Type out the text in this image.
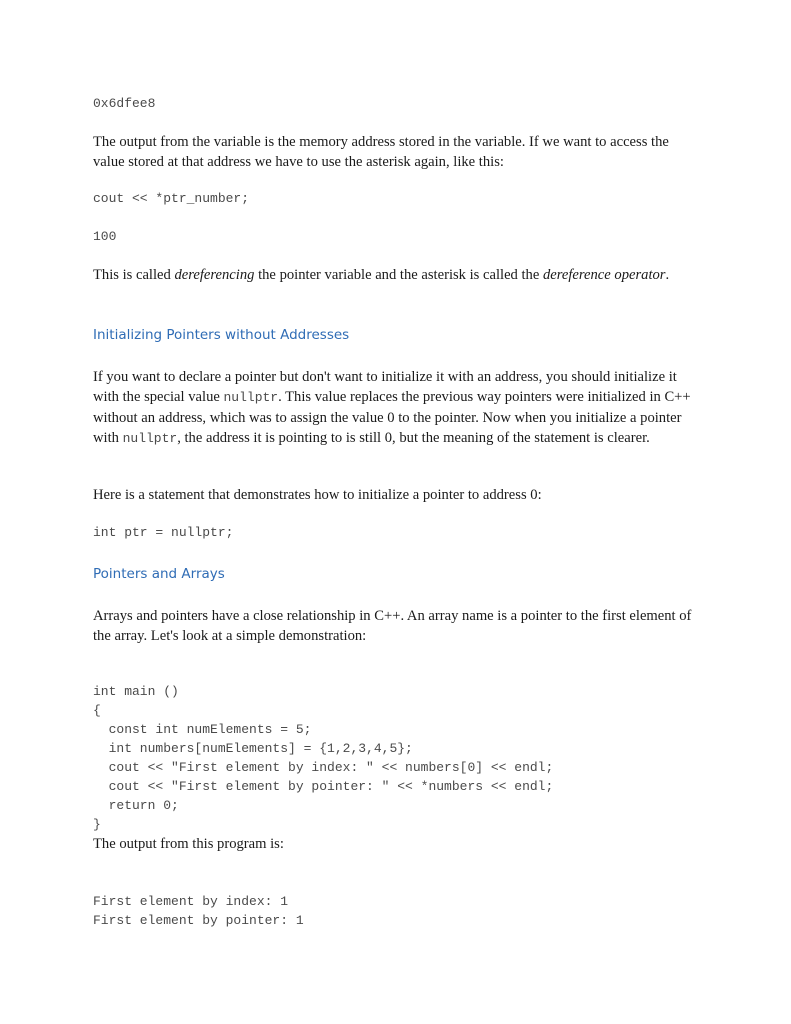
0x6dfee8
The output from the variable is the memory address stored in the variable. If we want to access the value stored at that address we have to use the asterisk again, like this:
cout << *ptr_number;
100
This is called dereferencing the pointer variable and the asterisk is called the dereference operator.
Initializing Pointers without Addresses
If you want to declare a pointer but don't want to initialize it with an address, you should initialize it with the special value nullptr. This value replaces the previous way pointers were initialized in C++ without an address, which was to assign the value 0 to the pointer. Now when you initialize a pointer with nullptr, the address it is pointing to is still 0, but the meaning of the statement is clearer.
Here is a statement that demonstrates how to initialize a pointer to address 0:
int ptr = nullptr;
Pointers and Arrays
Arrays and pointers have a close relationship in C++. An array name is a pointer to the first element of the array. Let's look at a simple demonstration:

int main ()
{
const int numElements = 5;
int numbers[numElements] = {1,2,3,4,5};
cout << "First element by index: " << numbers[0] << endl;
cout << "First element by pointer: " << *numbers << endl;
return 0;
}

The output from this program is:

First element by index: 1
First element by pointer: 1
